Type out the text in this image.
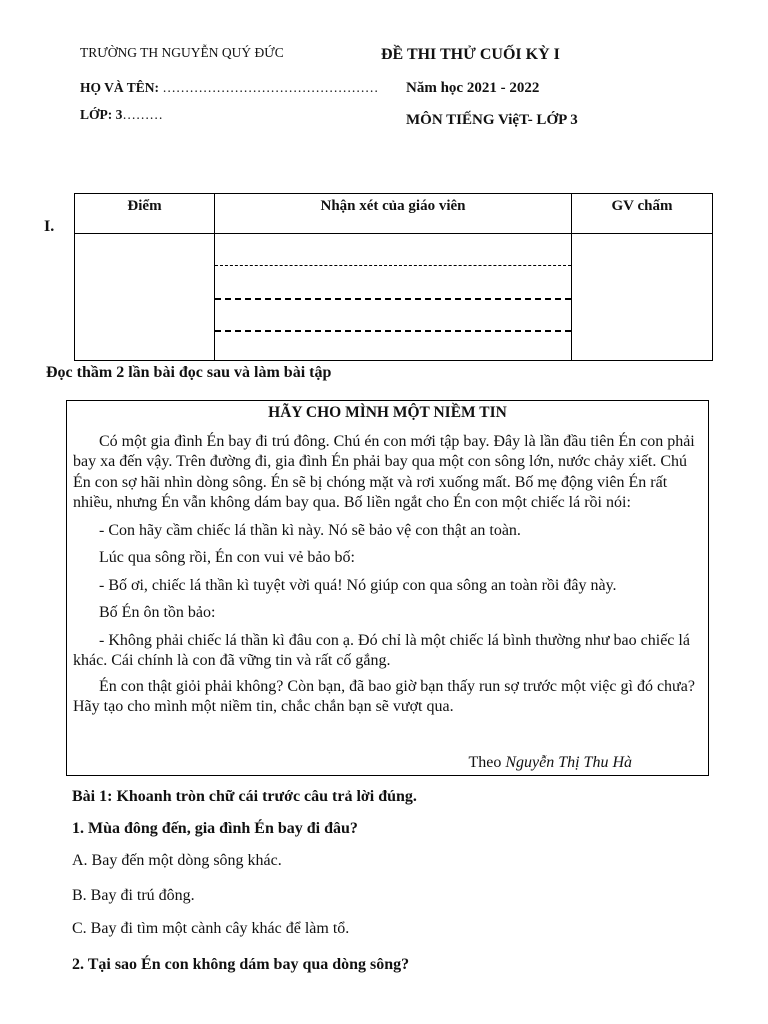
TRƯỜNG TH NGUYỄN QUÝ ĐỨC	ĐỀ THI THỬ CUỐI KỲ I
HỌ VÀ TÊN: ………………………………………… Năm học 2021 - 2022
LỚP: 3………	MÔN TIẾNG ViệT- LỚP 3
I.
Điểm	Nhận xét của giáo viên	GV chấm

Đọc thầm 2 lần bài đọc sau và làm bài tập
HÃY CHO MÌNH MỘT NIỀM TIN

Có một gia đình Én bay đi trú đông. Chú én con mới tập bay. Đây là lần đầu tiên Én con phải bay xa đến vậy. Trên đường đi, gia đình Én phải bay qua một con sông lớn, nước chảy xiết. Chú Én con sợ hãi nhìn dòng sông. Én sẽ bị chóng mặt và rơi xuống mất. Bố mẹ động viên Én rất nhiều, nhưng Én vẫn không dám bay qua. Bố liền ngắt cho Én con một chiếc lá rồi nói:

- Con hãy cầm chiếc lá thần kì này. Nó sẽ bảo vệ con thật an toàn.

Lúc qua sông rồi, Én con vui vẻ bảo bố:

- Bố ơi, chiếc lá thần kì tuyệt vời quá! Nó giúp con qua sông an toàn rồi đây này.

Bố Én ôn tồn bảo:

- Không phải chiếc lá thần kì đâu con ạ. Đó chỉ là một chiếc lá bình thường như bao chiếc lá khác. Cái chính là con đã vững tin và rất cố gắng.

Én con thật giỏi phải không? Còn bạn, đã bao giờ bạn thấy run sợ trước một việc gì đó chưa? Hãy tạo cho mình một niềm tin, chắc chắn bạn sẽ vượt qua.

Theo Nguyễn Thị Thu Hà
Bài 1: Khoanh tròn chữ cái trước câu trả lời đúng.
1. Mùa đông đến, gia đình Én bay đi đâu?
A. Bay đến một dòng sông khác.
B. Bay đi trú đông.
C. Bay đi tìm một cành cây khác để làm tổ.
2. Tại sao Én con không dám bay qua dòng sông?
